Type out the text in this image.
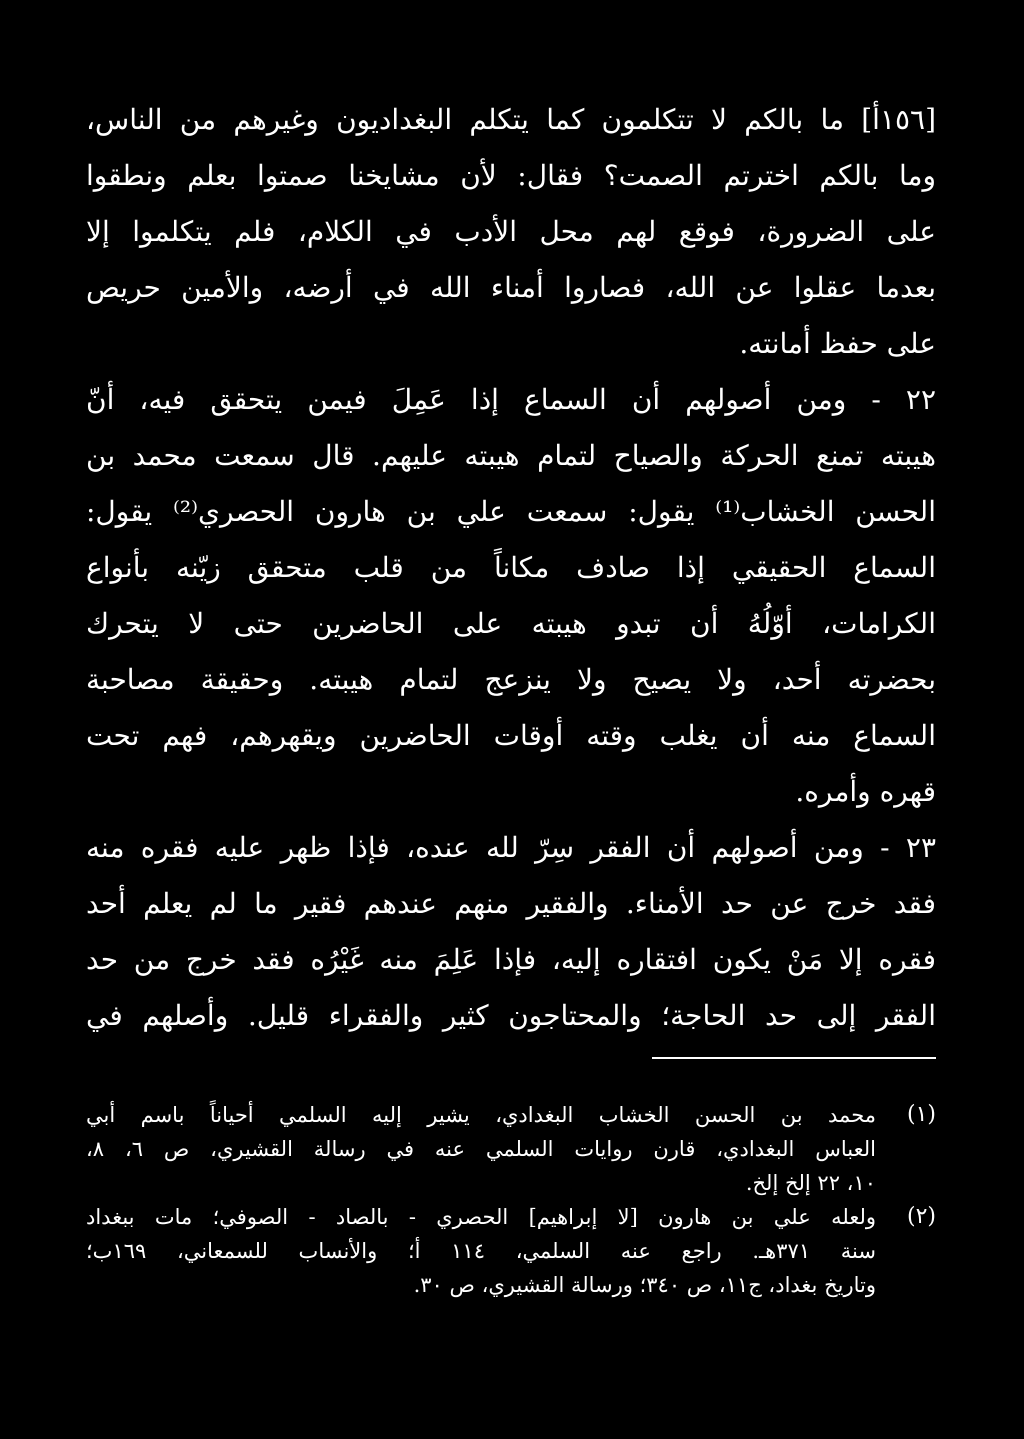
[١٥٦أ] ما بالكم لا تتكلمون كما يتكلم البغداديون وغيرهم من الناس،
وما بالكم اخترتم الصمت؟ فقال: لأن مشايخنا صمتوا بعلم ونطقوا
على الضرورة، فوقع لهم محل الأدب في الكلام، فلم يتكلموا إلا
بعدما عقلوا عن الله، فصاروا أمناء الله في أرضه، والأمين حريص
على حفظ أمانته.
٢٢ - ومن أصولهم أن السماع إذا عَمِلَ فيمن يتحقق فيه، أنّ
هيبته تمنع الحركة والصياح لتمام هيبته عليهم. قال سمعت محمد بن
الحسن الخشاب⁽¹⁾ يقول: سمعت علي بن هارون الحصري⁽²⁾ يقول:
السماع الحقيقي إذا صادف مكاناً من قلب متحقق زيّنه بأنواع
الكرامات، أوّلُهُ أن تبدو هيبته على الحاضرين حتى لا يتحرك
بحضرته أحد، ولا يصيح ولا ينزعج لتمام هيبته. وحقيقة مصاحبة
السماع منه أن يغلب وقته أوقات الحاضرين ويقهرهم، فهم تحت
قهره وأمره.
٢٣ - ومن أصولهم أن الفقر سِرّ لله عنده، فإذا ظهر عليه فقره منه
فقد خرج عن حد الأمناء. والفقير منهم عندهم فقير ما لم يعلم أحد
فقره إلا مَنْ يكون افتقاره إليه، فإذا عَلِمَ منه غَيْرُه فقد خرج من حد
الفقر إلى حد الحاجة؛ والمحتاجون كثير والفقراء قليل. وأصلهم في
(١)
محمد بن الحسن الخشاب البغدادي، يشير إليه السلمي أحياناً باسم أبي
العباس البغدادي، قارن روايات السلمي عنه في رسالة القشيري، ص ٦، ٨،
١٠، ٢٢ إلخ إلخ.
(٢)
ولعله علي بن هارون [لا إبراهيم] الحصري - بالصاد - الصوفي؛ مات ببغداد
سنة ٣٧١هـ. راجع عنه السلمي، ١١٤ أ؛ والأنساب للسمعاني، ١٦٩ب؛
وتاريخ بغداد، ج١١، ص ٣٤٠؛ ورسالة القشيري، ص ٣٠.
